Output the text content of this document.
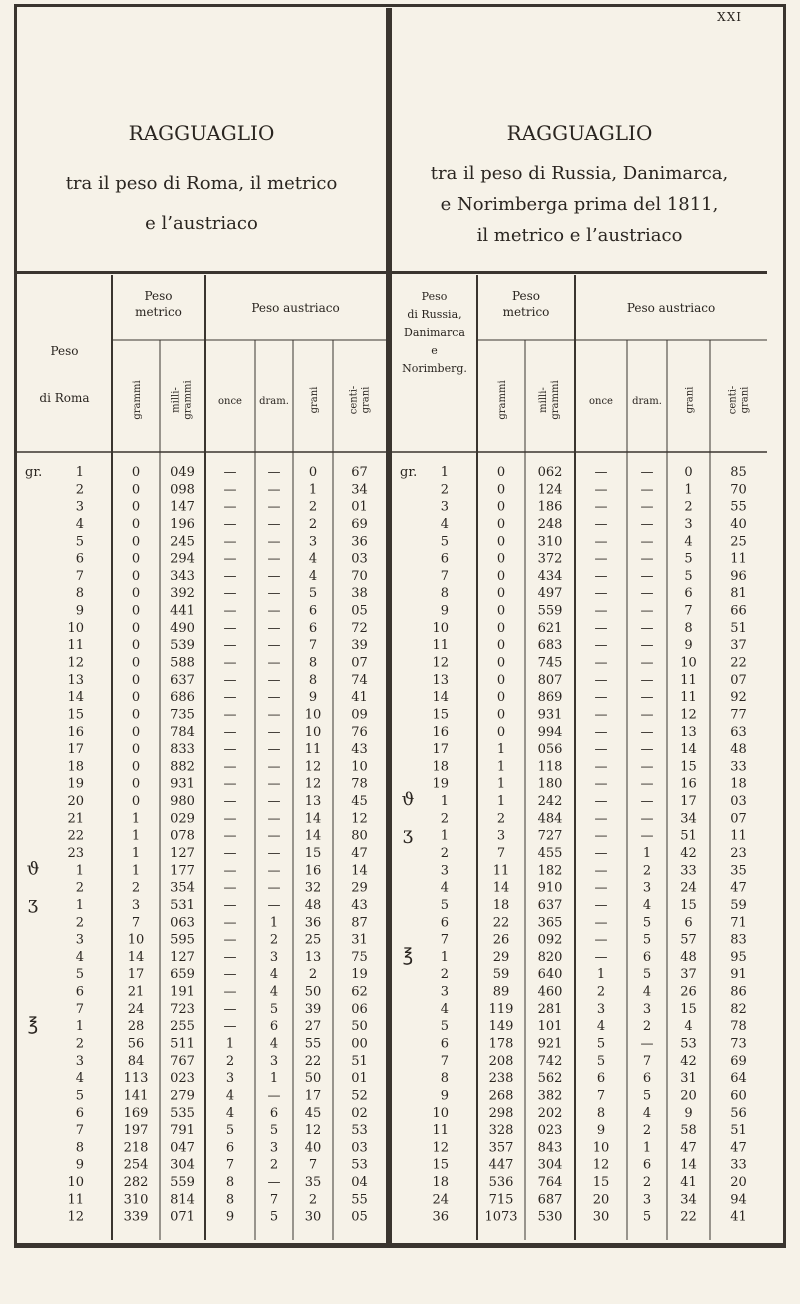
XXI
RAGGUAGLIO
tra il peso di Roma, il metrico
e l’austriaco
RAGGUAGLIO
tra il peso di Russia, Danimarca,
e Norimberga prima del 1811,
il metrico e l’austriaco
Peso
di Roma
Peso
metrico	Peso austriaco
grammi	milli- grammi once dram. grani	centi- grani
1	0 049 — — 0	67
2	0 098 — — 1	34
3	0 147 — — 2	01
4	0 196 — — 2	69
5	0 245 — — 3	36
6	0 294 — — 4	03
7	0 343 — — 4	70
8	0 392 — — 5	38
9	0 441 — — 6	05
10	0 490 — — 6	72
11	0 539 — — 7	39
12	0 588 — — 8	07
13	0 637 — — 8	74
14	0 686 — — 9	41
15	0 735 — — 10 09
16	0 784 — — 10 76
17	0 833 — — 11 43
18	0 882 — — 12 10
19	0 931 — — 12 78
20	0 980 — — 13 45
21	1 029 — — 14 12
22	1 078 — — 14 80
23	1 127 — — 15 47
1	1 177 — — 16 14
2	2 354 — — 32 29
1	3 531 — — 48 43
2	7 063 —	1 36 87
3	10 595 —	2 25 31
4	14 127 —	3 13 75
5	17 659 —	4 2	19
6	21 191 —	4 50 62
7	24 723 —	5 39 06
1	28 255 —	6 27 50
2	56 511 1	4 55 00
3	84 767 2	3 22 51
4	113 023 3	1 50 01
5	141 279 4	— 17 52
6	169 535 4	6 45 02
7	197 791 5	5 12 53
8	218 047 6	3 40 03
9	254 304 7	2 7	53
10	282 559 8	— 35 04
11	310 814 8	7 2	55
12	339 071 9	5 30 05
gr.
ϑ
ʒ
℥
Peso
di Russia,
Danimarca
e
Norimberg.
Peso
metrico	Peso austriaco
grammi	milli- grammi	once dram. grani	centi- grani
1	0 062 —	— 0	85
2	0 124 —	— 1	70
3	0 186 —	— 2	55
4	0 248 —	— 3	40
5	0 310 —	— 4	25
6	0 372 —	— 5	11
7	0 434 —	— 5	96
8	0 497 —	— 6	81
9	0 559 —	— 7	66
10	0 621 —	— 8	51
11	0 683 —	— 9	37
12	0 745 —	— 10	22
13	0 807 —	— 11	07
14	0 869 —	— 11	92
15	0 931 —	— 12	77
16	0 994 —	— 13	63
17	1 056 —	— 14	48
18	1 118 —	— 15	33
19	1 180 —	— 16	18
1	1 242 —	— 17	03
2	2 484 —	— 34	07
1	3 727 —	— 51	11
2	7 455 —	1 42	23
3	11 182 —	2 33	35
4	14 910 —	3 24	47
5	18 637 —	4 15	59
6	22 365 —	5	6	71
7	26 092 —	5 57	83
1	29 820 —	6 48	95
2	59 640	1	5 37	91
3	89 460	2	4 26	86
4	119 281	3	3 15	82
5	149 101	4	2	4	78
6	178 921	5	— 53	73
7	208 742	5	7 42	69
8	238 562	6	6 31	64
9	268 382	7	5 20	60
10	298 202	8	4	9	56
11	328 023	9	2 58	51
12	357 843 10	1 47	47
15	447 304 12	6 14	33
18	536 764 15	2 41	20
24	715 687 20	3 34	94
36	1073 530 30	5 22	41
gr.
ϑ
ʒ
℥
